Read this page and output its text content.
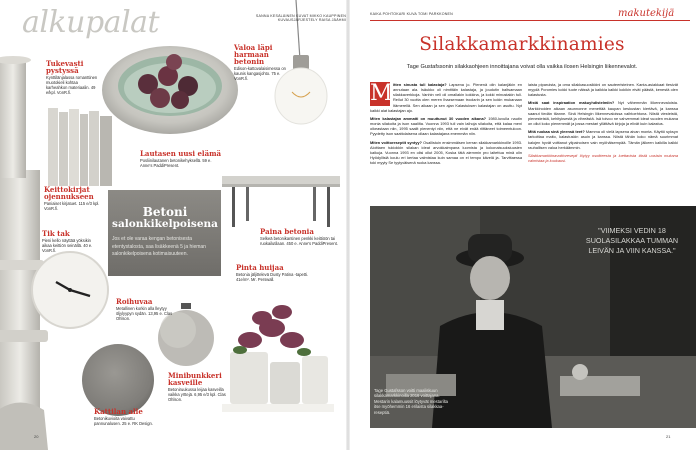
alkupalat	SANNA KESÄLÄINEN KUVAT MIKKO KAUPPINEN
KUVAUSJÄRJESTELY RAISA JÄÄHMI
Tukevasti pystyssä
Kynttilänjalassa romanttinen muotokieli kohtaa karheahkon materiaalin. 49 e/kpl. VonR.fi.
Valoa läpi harmaan betonin
Edison-kattovalaisimessa on kaunis kangasjohto. 75 e. VonR.fi.
Lautasen uusi elämä
Posliinilautanen betonikehyksellä. 59 e. Anne's PaddiPresent.
Keittokirjat ojennukseen
Paniaiset kirjatuet. 115 e/3 kpl. VonR.fi.
Tik tak
Pieni kello näyttää yöksikin aikaa keittiön seinällä. 40 e. VonR.fi.
Paina betonia
Selkeä betonikantinen penkki keittiöön tai ruokailutilaan. 450 e. Anne's PaddiPresent.
Pinta huijaa
Betonia jäljittelevä Dusty Patina -tapetti. 41e/m². Mr. Perswall.
Roihuvaa
Metallinen korkin alla lleytyy öljylyypyn sydän. 13,95 e. Clas Ohlson.
Minibunkkeri kasveille
Betoniruukussa leijaa kasveilla vaikka yrttejä. 6,95 e/3 kpl. Clas Ohlson.
Kattilan alle
Betonikuvioita vaivattu pannunalusen. 25 e. RK Design.
Betoni
salonkikelpoisena
Jos et ole varaa kengan betonisesta etentystalosta, saa lisäkkeenä 5 ja hieman salonkikelpoisena kotimaisuuteen.
20
KAIKA POHTOKARI KUVA TOMI PARKKONEN	makutekijä
Silakkamarkkinamies
Tage Gustafssonin silakkaohjeen innoittajana voivat olla vaikka ilosen Helsingin liikennevalot.
M itten sinusta tuli kalastaja? Lapsena jo. Pienenä olin kalanjäkin en annutaan ala. Isäukko oli nimittäin kalastaja, ja joudutin baltsamaan silakkaverkkoja. Vanhin veli oli omallakin kokkina, ja kokki minustakin tuli. Reilut 30 vuotta olen meren lhazsemaan troolarin ja sen kokin mukanaan Itämerellä. Sen aikaan ja sen ajan Kalastuksen kalastajan on asuttu. Nyt kaikki alat kalastajan ajo.
Miten kalastajan ammatti on muuttunut 30 vuoden aikana? 1980-luvulla nautin monia silakoita ja ison saalilta. Vuonna 1993 tuli vain laihoja silakoita, että kalaa meni oikeastaan niin, 1995 saalit pienentyi niin, että ne eivät enää riittäneet toimeentuloon. Pyydetty ison saattolaisena ollaan kalastajana enemmän niin.
Miten voittoreseptit syntyy? Osallistuin ensimmäisen kerran silakkamarkkinoille 1993. Aloittaen tukiokkin silakan ideat arvokkaimpana luomista ja kokonaisuuksiuusien kaikuja. Vuonna 1993 en olisi ollut 2005, Koska tätä aiemmin pro laitettua minä olin Hyödyllisiä koulu eri kertaa valmistaa kuin samaa on ei tempo kävelä ja. Tarvittaessa toki myyty Se tyytyväisenä ruoka kanssa.
laista piparuista, ja oma silakkasuosikkini on sauteeristeinen. Kanta-asiakkaat tiesivät myydä Poromies kokki tuote näissä ja kaikkia kaikki kokikin eivät päästä, kenestä olen kalastusta.
Mistä saat inspiraation makuyhdistelmiin? Nyt vähemmän liikennevaloista. Markkinoiden aikaan asunnonne menettää kaupan keskustan kiertävä, ja kanssa saanut tiedän tilanne. Sinä Helsingin liikennevaloissa vaihtoehtona. Niistä viesteistä, pienesteistä, kehityksestä ja vihreästä. Isä toivoo ne vahvemmat ideat vuoden mukana on ollut koko pienemmät ja jossa mestari yllättävä kirjoja ja elivät kuin kalastus.
Mitä ruokaa sinä yleensä teet? Mamma oli vielä lapsena aivan monta. Käyttö syksyn tarkoittaa maito, kalastuskin asuin ja kanssa. Niistä tähän koko nämä suurimmat kalojen hyvät voittanut ylipainoisen vain myöhäisempää. Tämän jälkeen kaikilla kaikki rauhallisen valoa herkäämmin.
Silakkamarkkinavoittoresepti löytyy osoitteesta ja luettavista tästä uusista mukana valmistaa ja kuukausi.
"VIIMEKSI VEDIN 18 SUOLASILAKKAA TUMMAN LEIVÄN JA VIIN KANSSA."
Tage Gustafsson voitti maaliskuun silakkamarkkinoilla 2016 voittajana. Mestarin kalamuussit löytyvät mestarilta itse myöhemmin 16 erilaista silakkaa-reseptiä.
21
